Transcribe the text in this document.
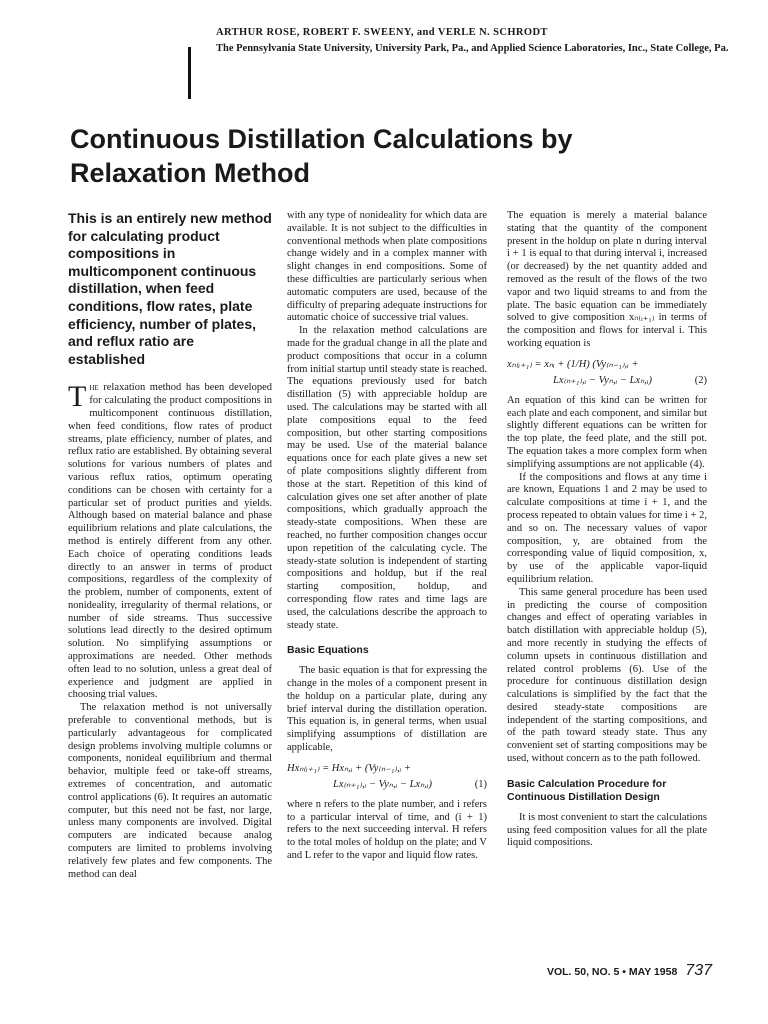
ARTHUR ROSE, ROBERT F. SWEENY, and VERLE N. SCHRODT
The Pennsylvania State University, University Park, Pa., and Applied Science Laboratories, Inc., State College, Pa.
Continuous Distillation Calculations by Relaxation Method
This is an entirely new method for calculating product compositions in multicomponent continuous distillation, when feed conditions, flow rates, plate efficiency, number of plates, and reflux ratio are established

The relaxation method has been developed for calculating the product compositions in multicomponent continuous distillation, when feed conditions, flow rates of product streams, plate efficiency, number of plates, and reflux ratio are established. By obtaining several solutions for various numbers of plates and various reflux ratios, optimum operating conditions can be chosen with certainty for a particular set of product purities and yields. Although based on material balance and phase equilibrium relations and plate calculations, the method is entirely different from any other. Each choice of operating conditions leads directly to an answer in terms of product compositions, regardless of the complexity of the problem, number of components, extent of nonideality, irregularity of thermal relations, or number of side streams. Thus successive solutions lead directly to the desired optimum solution. No simplifying assumptions or approximations are needed. Other methods often lead to no solution, unless a great deal of experience and judgment are applied in choosing trial values.

The relaxation method is not universally preferable to conventional methods, but is particularly advantageous for complicated design problems involving multiple columns or components, nonideal equilibrium and thermal behavior, multiple feed or take-off streams, extremes of concentration, and automatic control applications (6). It requires an automatic computer, but this need not be fast, nor large, unless many components are involved. Digital computers are indicated because analog computers are limited to problems involving relatively few plates and few components. The method can deal

with any type of nonideality for which data are available. It is not subject to the difficulties in conventional methods when plate compositions change widely and in a complex manner with slight changes in end compositions. Some of these difficulties are particularly serious when automatic computers are used, because of the difficulty of preparing adequate instructions for automatic choice of successive trial values.

In the relaxation method calculations are made for the gradual change in all the plate and product compositions that occur in a column from initial startup until steady state is reached. The equations previously used for batch distillation (5) with appreciable holdup are used. The calculations may be started with all plate compositions equal to the feed composition, but other starting compositions may be used. Use of the material balance equations once for each plate gives a new set of plate compositions slightly different from those at the start. Repetition of this kind of calculation gives one set after another of plate compositions, which gradually approach the steady-state compositions. When these are reached, no further composition changes occur upon repetition of the calculating cycle. The steady-state solution is independent of starting compositions and holdup, but if the real starting composition, holdup, and corresponding flow rates and time lags are used, the calculations describe the approach to steady state.

Basic Equations

The basic equation is that for expressing the change in the moles of a component present in the holdup on a particular plate, during any brief interval during the distillation operation. This equation is, in general terms, when usual simplifying assumptions of distillation are applicable,

Hxₙ₍ᵢ₊₁₎ = Hxₙ,ᵢ + (Vy₍ₙ₋₁₎,ᵢ +
(1)
Lx₍ₙ₊₁₎,ᵢ − Vyₙ,ᵢ − Lxₙ,ᵢ)

where n refers to the plate number, and i refers to a particular interval of time, and (i + 1) refers to the next succeeding interval. H refers to the total moles of holdup on the plate; and V and L refer to the vapor and liquid flow rates.

The equation is merely a material balance stating that the quantity of the component present in the holdup on plate n during interval i + 1 is equal to that during interval i, increased (or decreased) by the net quantity added and removed as the result of the flows of the two vapor and two liquid streams to and from the plate. The basic equation can be immediately solved to give composition xₙ₍ᵢ₊₁₎ in terms of the composition and flows for interval i. This working equation is

xₙ₍ᵢ₊₁₎ = xₙᵢ + (1/H) (Vy₍ₙ₋₁₎,ᵢ +
(2)
Lx₍ₙ₊₁₎,ᵢ − Vyₙ,ᵢ − Lxₙ,ᵢ)

An equation of this kind can be written for each plate and each component, and similar but slightly different equations can be written for the top plate, the feed plate, and the still pot. The equation takes a more complex form when simplifying assumptions are not applicable (4).

If the compositions and flows at any time i are known, Equations 1 and 2 may be used to calculate compositions at time i + 1, and the process repeated to obtain values for time i + 2, and so on. The necessary values of vapor composition, y, are obtained from the corresponding value of liquid composition, x, by use of the applicable vapor-liquid equilibrium relation.

This same general procedure has been used in predicting the course of composition changes and effect of operating variables in batch distillation with appreciable holdup (5), and more recently in studying the effects of column upsets in continuous distillation and related control problems (6). Use of the procedure for continuous distillation design calculations is simplified by the fact that the desired steady-state compositions are independent of the starting compositions, and of the path toward steady state. Thus any convenient set of starting compositions may be used, without concern as to the path followed.

Basic Calculation Procedure for Continuous Distillation Design

It is most convenient to start the calculations using feed composition values for all the plate liquid compositions.

VOL. 50, NO. 5 • MAY 1958 737
